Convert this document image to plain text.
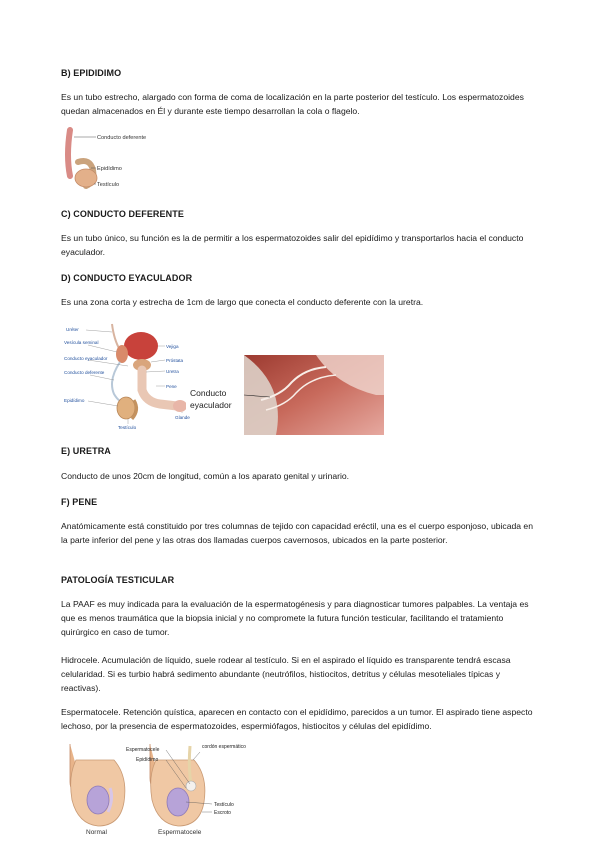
B) EPIDIDIMO
Es un tubo estrecho, alargado con forma de coma de localización en la parte posterior del testículo. Los espermatozoides quedan almacenados en Él y durante este tiempo desarrollan la cola o flagelo.
Conducto deferente
Epidídimo
Testículo
C) CONDUCTO DEFERENTE
Es un tubo único, su función es la de permitir a los espermatozoides salir del epidídimo y transportarlos hacia el conducto eyaculador.
D) CONDUCTO EYACULADOR
Es una zona corta y estrecha de 1cm de largo que conecta el conducto deferente con la uretra.
Uréter
Vesícula seminal
Conducto eyaculador
Conducto deferente
Epidídimo
Testículo
Vejiga
Próstata
Uretra
Pene
Glande
Conducto
eyaculador
E) URETRA
Conducto de unos 20cm de longitud, común a los aparato genital y urinario.
F) PENE
Anatómicamente está constituido por tres columnas de tejido con capacidad eréctil, una es el cuerpo esponjoso, ubicada en la parte inferior del pene y las otras dos llamadas cuerpos cavernosos, ubicados en la parte posterior.
PATOLOGÍA TESTICULAR
La PAAF es muy indicada para la evaluación de la espermatogénesis y para diagnosticar tumores palpables. La ventaja es que es menos traumática que la biopsia inicial y no compromete la futura función testicular, facilitando el tratamiento quirúrgico en caso de tumor.
Hidrocele. Acumulación de líquido, suele rodear al testículo. Si en el aspirado el líquido es transparente tendrá escasa celularidad. Si es turbio habrá sedimento abundante (neutrófilos, histiocitos, detritus y células mesoteliales típicas y reactivas).
Espermatocele. Retención quística, aparecen en contacto con el epidídimo, parecidos a un tumor. El aspirado tiene aspecto lechoso, por la presencia de espermatozoides, espermiófagos, histiocitos y células del epidídimo.
Normal
Espermatocele
Epidídimo
cordón espermático
Testículo
Escroto
Espermatocele
